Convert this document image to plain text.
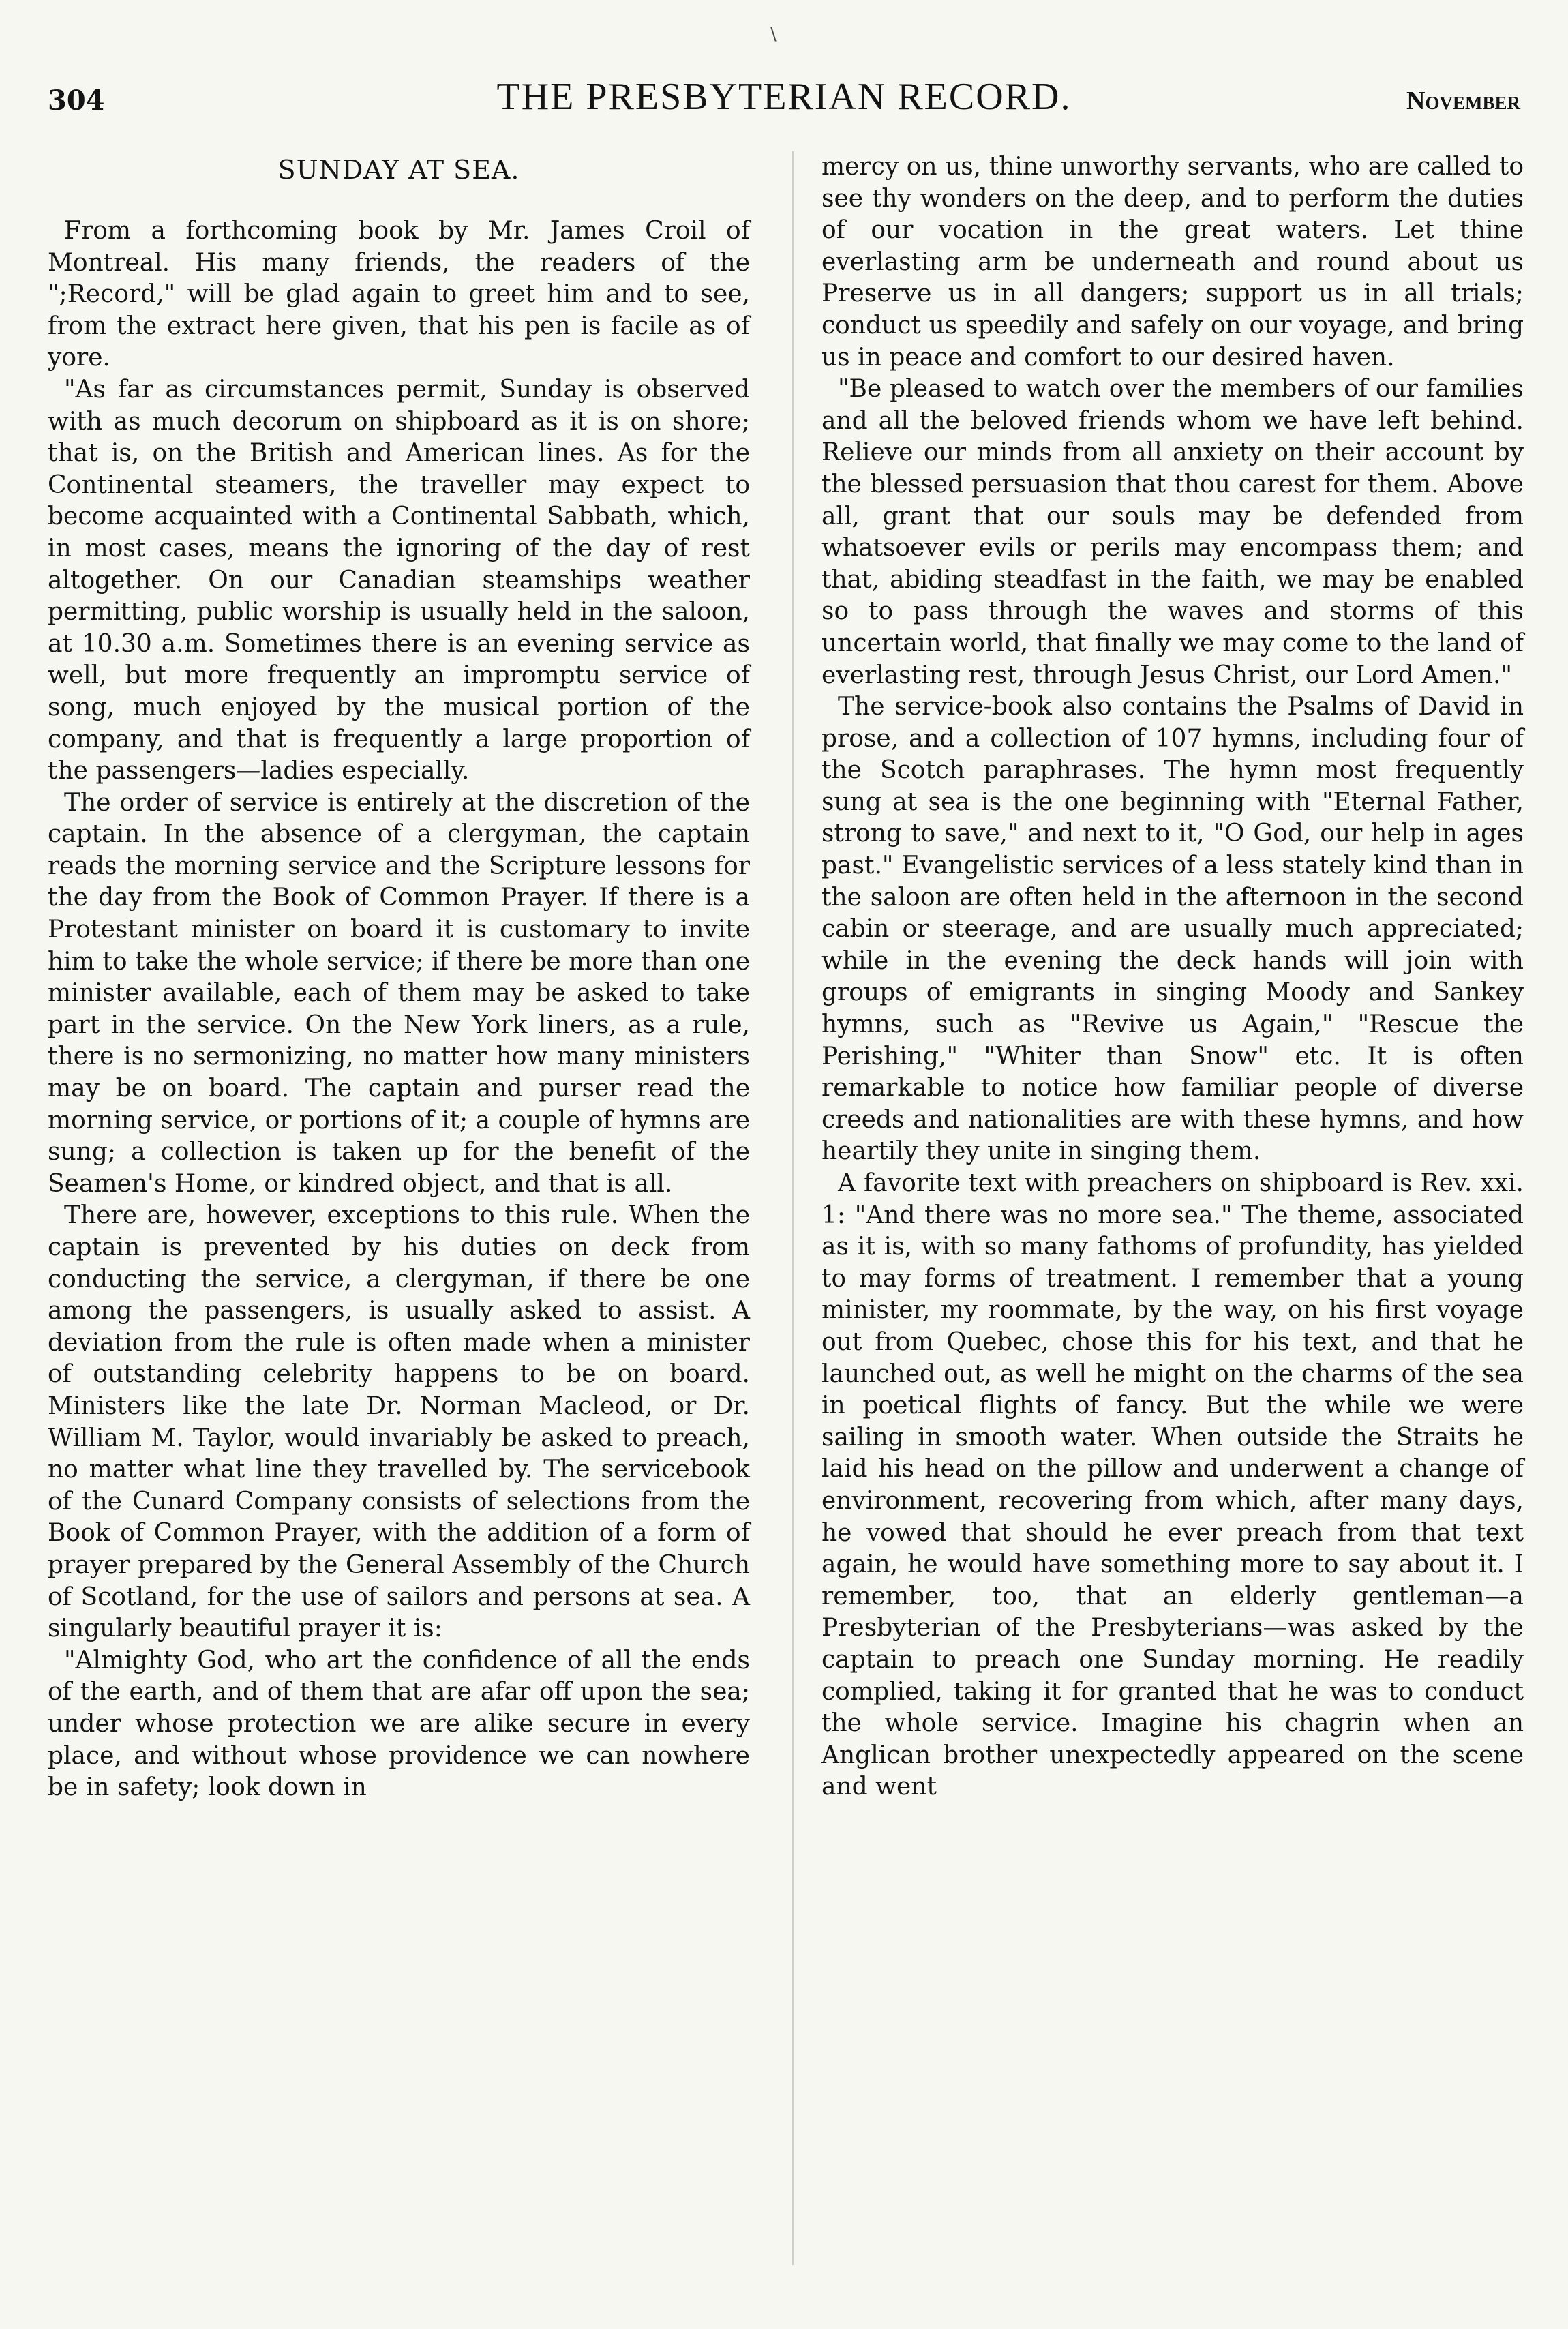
\
304	THE PRESBYTERIAN RECORD.	November
SUNDAY AT SEA.

From a forthcoming book by Mr. James Croil of Montreal. His many friends, the readers of the ";Record," will be glad again to greet him and to see, from the extract here given, that his pen is facile as of yore.

"As far as circumstances permit, Sunday is observed with as much decorum on shipboard as it is on shore; that is, on the British and American lines. As for the Continental steamers, the traveller may expect to become acquainted with a Continental Sabbath, which, in most cases, means the ignoring of the day of rest altogether. On our Canadian steamships weather permitting, public worship is usually held in the saloon, at 10.30 a.m. Sometimes there is an evening service as well, but more frequently an impromptu service of song, much enjoyed by the musical portion of the company, and that is frequently a large proportion of the passengers—ladies especially.

The order of service is entirely at the discretion of the captain. In the absence of a clergyman, the captain reads the morning service and the Scripture lessons for the day from the Book of Common Prayer. If there is a Protestant minister on board it is customary to invite him to take the whole service; if there be more than one minister available, each of them may be asked to take part in the service. On the New York liners, as a rule, there is no sermonizing, no matter how many ministers may be on board. The captain and purser read the morning service, or portions of it; a couple of hymns are sung; a collection is taken up for the benefit of the Seamen's Home, or kindred object, and that is all.

There are, however, exceptions to this rule. When the captain is prevented by his duties on deck from conducting the service, a clergyman, if there be one among the passengers, is usually asked to assist. A deviation from the rule is often made when a minister of outstanding celebrity happens to be on board. Ministers like the late Dr. Norman Macleod, or Dr. William M. Taylor, would invariably be asked to preach, no matter what line they travelled by. The servicebook of the Cunard Company consists of selections from the Book of Common Prayer, with the addition of a form of prayer prepared by the General Assembly of the Church of Scotland, for the use of sailors and persons at sea. A singularly beautiful prayer it is:

"Almighty God, who art the confidence of all the ends of the earth, and of them that are afar off upon the sea; under whose protection we are alike secure in every place, and without whose providence we can nowhere be in safety; look down in

mercy on us, thine unworthy servants, who are called to see thy wonders on the deep, and to perform the duties of our vocation in the great waters. Let thine everlasting arm be underneath and round about us Preserve us in all dangers; support us in all trials; conduct us speedily and safely on our voyage, and bring us in peace and comfort to our desired haven.

"Be pleased to watch over the members of our families and all the beloved friends whom we have left behind. Relieve our minds from all anxiety on their account by the blessed persuasion that thou carest for them. Above all, grant that our souls may be defended from whatsoever evils or perils may encompass them; and that, abiding steadfast in the faith, we may be enabled so to pass through the waves and storms of this uncertain world, that finally we may come to the land of everlasting rest, through Jesus Christ, our Lord Amen."

The service-book also contains the Psalms of David in prose, and a collection of 107 hymns, including four of the Scotch paraphrases. The hymn most frequently sung at sea is the one beginning with "Eternal Father, strong to save," and next to it, "O God, our help in ages past." Evangelistic services of a less stately kind than in the saloon are often held in the afternoon in the second cabin or steerage, and are usually much appreciated; while in the evening the deck hands will join with groups of emigrants in singing Moody and Sankey hymns, such as "Revive us Again," "Rescue the Perishing," "Whiter than Snow" etc. It is often remarkable to notice how familiar people of diverse creeds and nationalities are with these hymns, and how heartily they unite in singing them.

A favorite text with preachers on shipboard is Rev. xxi. 1: "And there was no more sea." The theme, associated as it is, with so many fathoms of profundity, has yielded to may forms of treatment. I remember that a young minister, my roommate, by the way, on his first voyage out from Quebec, chose this for his text, and that he launched out, as well he might on the charms of the sea in poetical flights of fancy. But the while we were sailing in smooth water. When outside the Straits he laid his head on the pillow and underwent a change of environment, recovering from which, after many days, he vowed that should he ever preach from that text again, he would have something more to say about it. I remember, too, that an elderly gentleman—a Presbyterian of the Presbyterians—was asked by the captain to preach one Sunday morning. He readily complied, taking it for granted that he was to conduct the whole service. Imagine his chagrin when an Anglican brother unexpectedly appeared on the scene and went
